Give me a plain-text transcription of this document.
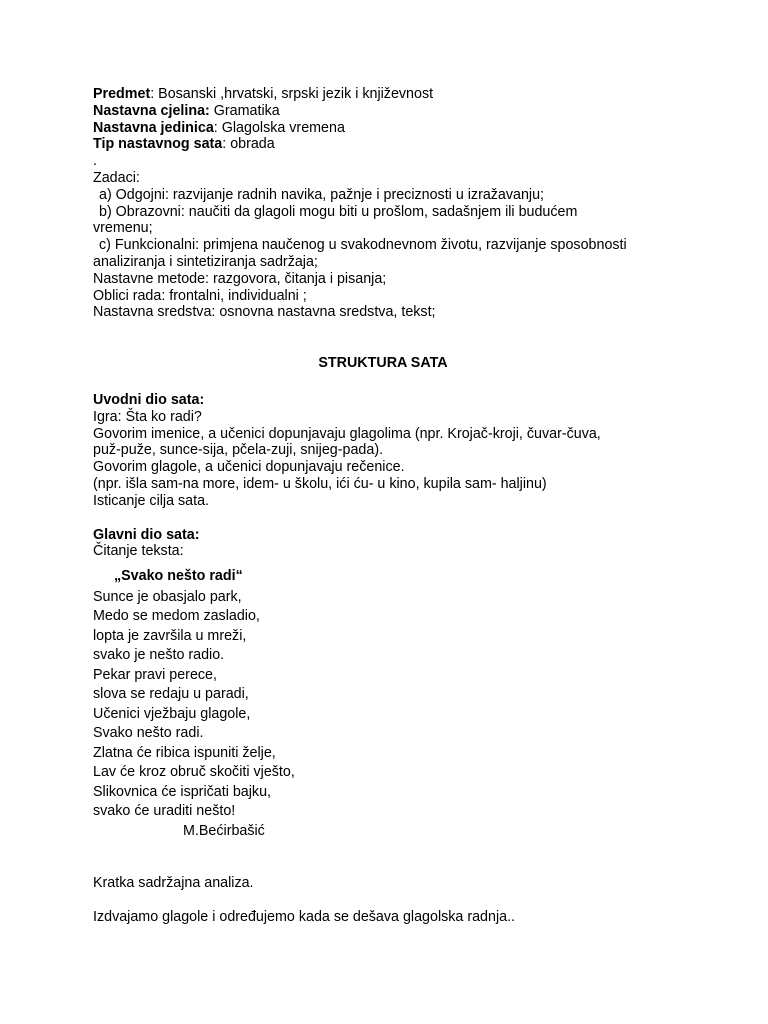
Predmet: Bosanski ,hrvatski, srpski jezik i književnost
Nastavna cjelina: Gramatika
Nastavna jedinica: Glagolska vremena
Tip nastavnog sata: obrada
.
Zadaci:
a) Odgojni: razvijanje radnih navika, pažnje i preciznosti u izražavanju;
b) Obrazovni: naučiti da glagoli mogu biti u prošlom, sadašnjem ili budućem
vremenu;
c) Funkcionalni: primjena naučenog u svakodnevnom životu, razvijanje sposobnosti
analiziranja i sintetiziranja sadržaja;
Nastavne metode: razgovora, čitanja i pisanja;
Oblici rada: frontalni, individualni ;
Nastavna sredstva: osnovna nastavna sredstva, tekst;
STRUKTURA SATA
Uvodni dio sata:
Igra: Šta ko radi?
Govorim imenice, a učenici dopunjavaju glagolima (npr. Krojač-kroji, čuvar-čuva,
puž-puže, sunce-sija, pčela-zuji, snijeg-pada).
Govorim glagole, a učenici dopunjavaju rečenice.
(npr. išla sam-na more, idem- u školu, ići ću- u kino, kupila sam- haljinu)
Isticanje cilja sata.
Glavni dio sata:
Čitanje teksta:
„Svako nešto radi“
Sunce je obasjalo park,
Medo se medom zasladio,
lopta je završila u mreži,
svako je nešto radio.
Pekar pravi perece,
slova se redaju u paradi,
Učenici vježbaju glagole,
Svako nešto radi.
Zlatna će ribica ispuniti želje,
Lav će kroz obruč skočiti vješto,
Slikovnica će ispričati bajku,
svako će uraditi nešto!
M.Bećirbašić
Kratka sadržajna analiza.
Izdvajamo glagole i određujemo kada se dešava glagolska radnja..
